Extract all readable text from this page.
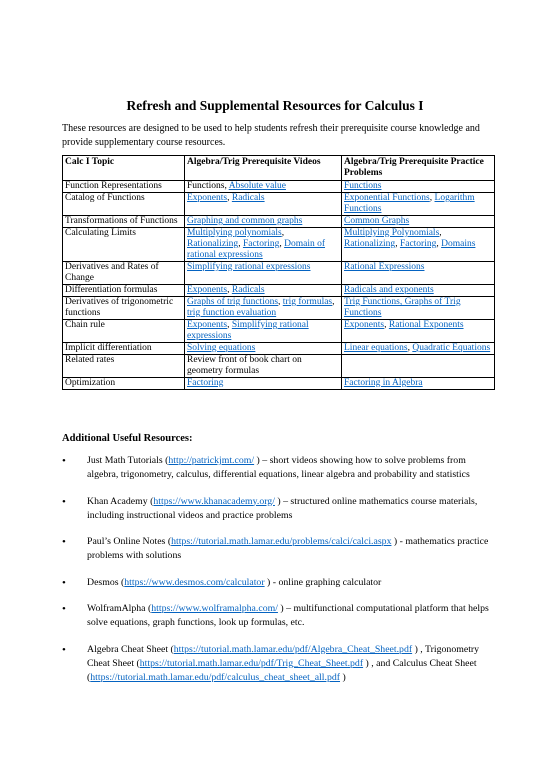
Refresh and Supplemental Resources for Calculus I
These resources are designed to be used to help students refresh their prerequisite course knowledge and provide supplementary course resources.
Calc I Topic	Algebra/Trig Prerequisite Videos	Algebra/Trig Prerequisite Practice Problems
Function Representations	Functions, Absolute value	Functions
Catalog of Functions	Exponents, Radicals	Exponential Functions, Logarithm Functions
Transformations of Functions	Graphing and common graphs	Common Graphs
Calculating Limits	Multiplying polynomials, Rationalizing, Factoring, Domain of rational expressions	Multiplying Polynomials, Rationalizing, Factoring, Domains
Derivatives and Rates of Change	Simplifying rational expressions	Rational Expressions
Differentiation formulas	Exponents, Radicals	Radicals and exponents
Derivatives of trigonometric functions	Graphs of trig functions, trig formulas, trig function evaluation	Trig Functions, Graphs of Trig Functions
Chain rule	Exponents, Simplifying rational expressions	Exponents, Rational Exponents
Implicit differentiation	Solving equations	Linear equations, Quadratic Equations
Related rates	Review front of book chart on geometry formulas	
Optimization	Factoring	Factoring in Algebra
Additional Useful Resources:
• Just Math Tutorials (http://patrickjmt.com/ ) – short videos showing how to solve problems from algebra, trigonometry, calculus, differential equations, linear algebra and probability and statistics
• Khan Academy (https://www.khanacademy.org/ ) – structured online mathematics course materials, including instructional videos and practice problems
• Paul’s Online Notes (https://tutorial.math.lamar.edu/problems/calci/calci.aspx ) - mathematics practice problems with solutions
• Desmos (https://www.desmos.com/calculator ) - online graphing calculator
• WolframAlpha (https://www.wolframalpha.com/ ) – multifunctional computational platform that helps solve equations, graph functions, look up formulas, etc.
• Algebra Cheat Sheet (https://tutorial.math.lamar.edu/pdf/Algebra_Cheat_Sheet.pdf ) , Trigonometry Cheat Sheet (https://tutorial.math.lamar.edu/pdf/Trig_Cheat_Sheet.pdf ) , and Calculus Cheat Sheet (https://tutorial.math.lamar.edu/pdf/calculus_cheat_sheet_all.pdf )
